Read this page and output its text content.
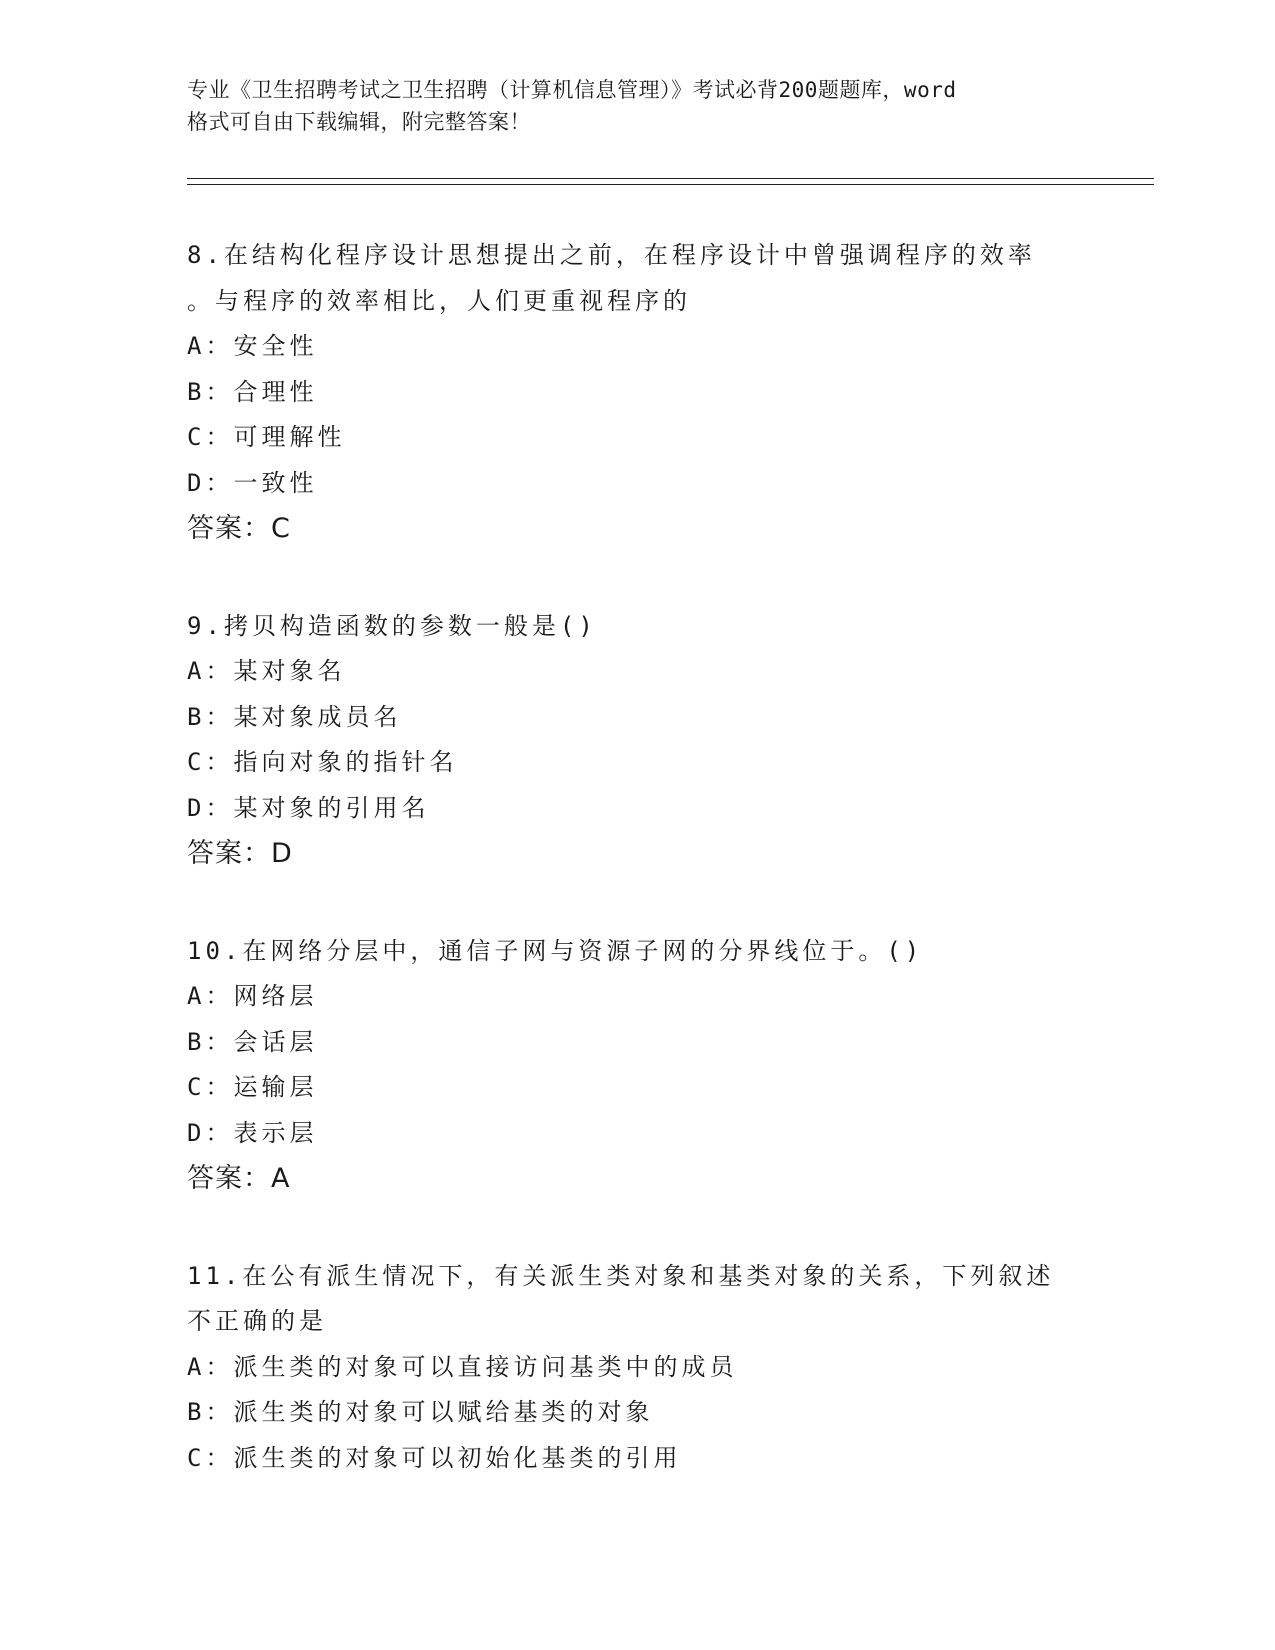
专业《卫生招聘考试之卫生招聘（计算机信息管理）》考试必背200题题库，word
格式可自由下载编辑，附完整答案！

8.在结构化程序设计思想提出之前，在程序设计中曾强调程序的效率

。与程序的效率相比，人们更重视程序的

A：安全性

B：合理性

C：可理解性

D：一致性

答案：C

9.拷贝构造函数的参数一般是()

A：某对象名

B：某对象成员名

C：指向对象的指针名

D：某对象的引用名

答案：D

10.在网络分层中，通信子网与资源子网的分界线位于。()

A：网络层

B：会话层

C：运输层

D：表示层

答案：A

11.在公有派生情况下，有关派生类对象和基类对象的关系，下列叙述

不正确的是

A：派生类的对象可以直接访问基类中的成员

B：派生类的对象可以赋给基类的对象

C：派生类的对象可以初始化基类的引用
